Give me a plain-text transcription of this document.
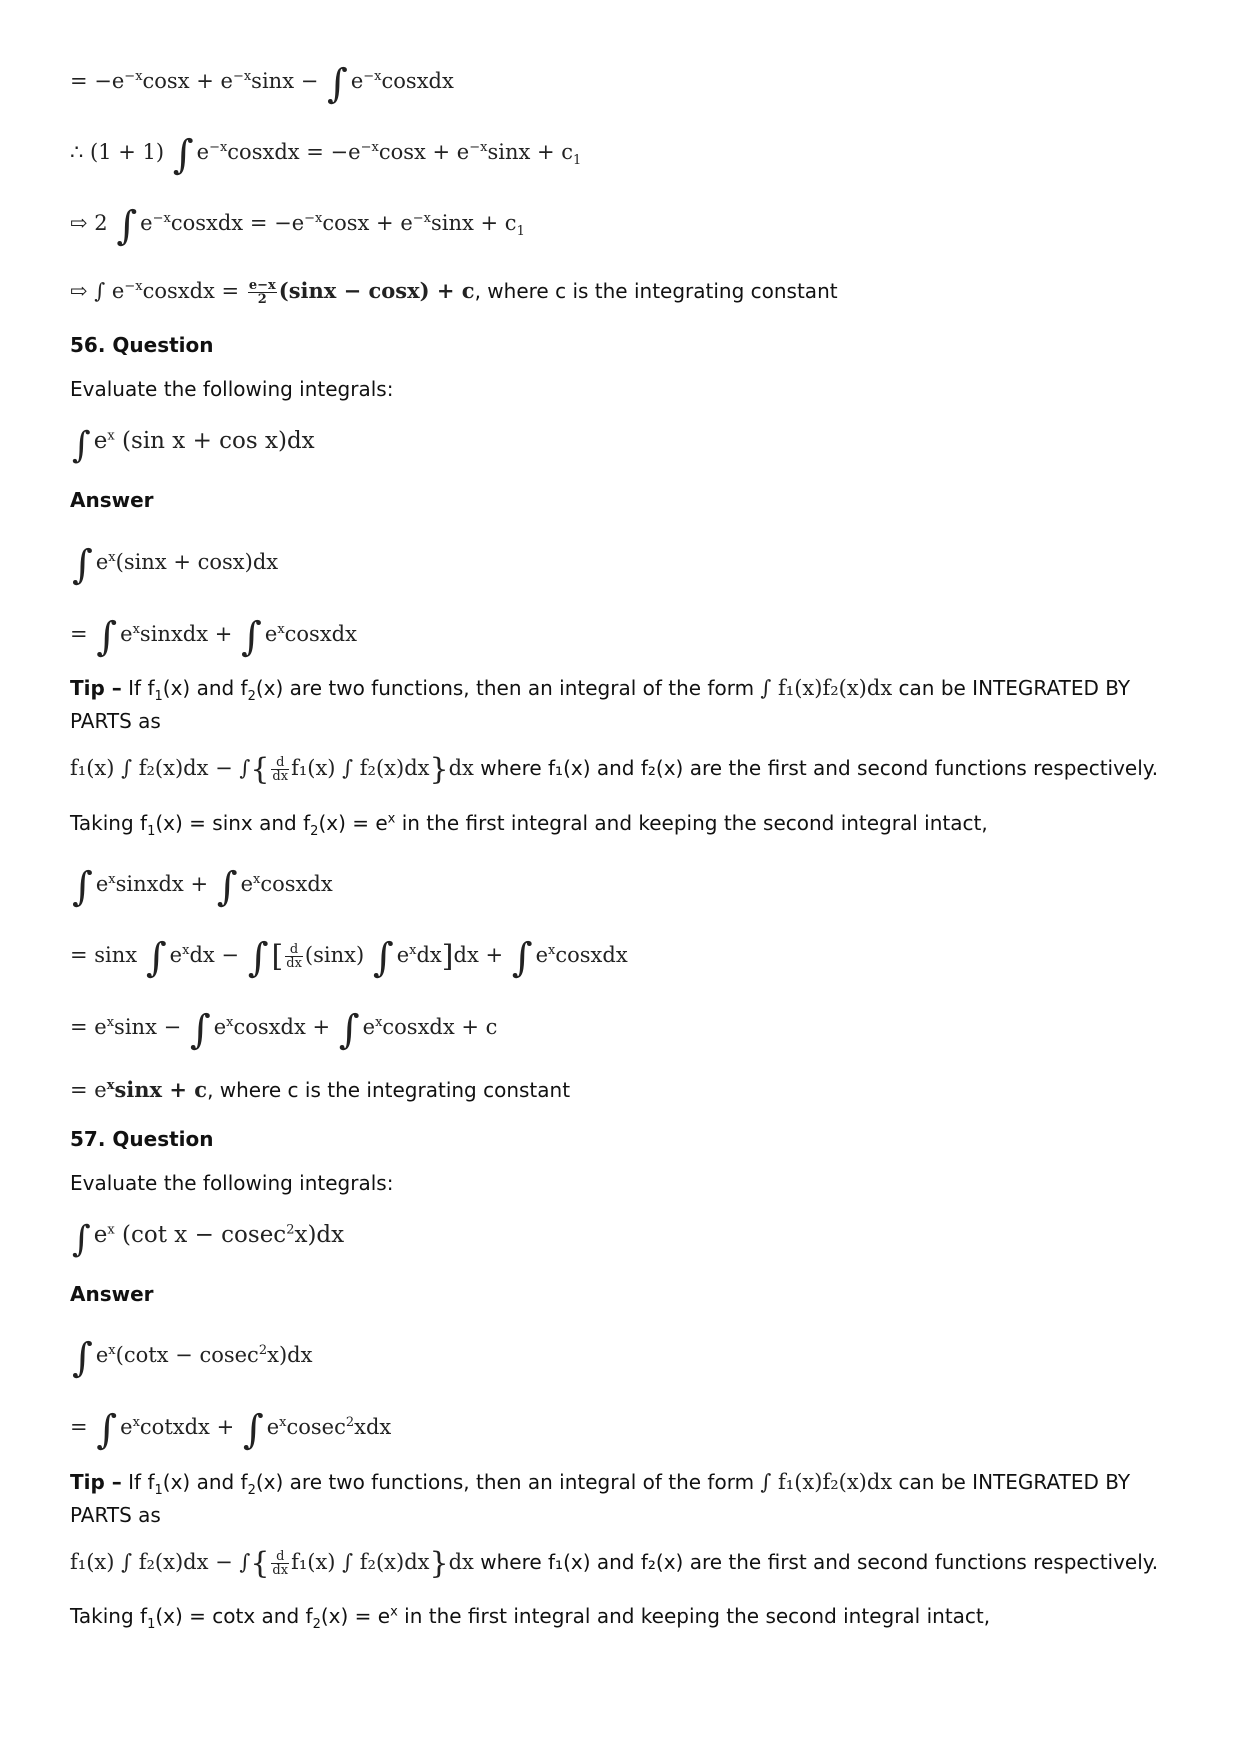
= $-e^{-x}\cos x + e^{-x}\sin x$ − ∫ $e^{-x}cosxdx$
∴ (1 + 1) ∫ $e^{-x}cosxdx = -e^{-x}\cos x + e^{-x}\sin x + c_1$
⇨ 2 ∫ $e^{-x}cosxdx = -e^{-x}\cos x + e^{-x}\sin x + c_1$
⇨ ∫ $e^{-x}cosxdx = \frac{e-x}{2} (\sin x - \cos x) + c$, where c is the integrating constant
56. Question
Evaluate the following integrals:
∫ $e^x$ (sin x + cos x)dx
Answer
∫ $e^x(\sin x + \cos x)dx$
= ∫ $e^xsinxdx$ + ∫ $e^xcosxdx$
Tip – If $f_1(x)$ and $f_2(x)$ are two functions, then an integral of the form ∫ f₁(x)f₂(x)dx can be INTEGRATED BY PARTS as
f₁(x) ∫ f₂(x)dx − ∫{ $\frac{d}{dx} f_1(x)$ ∫ f₂(x)dx}dx where f₁(x) and f₂(x) are the first and second functions respectively.
Taking $f_1(x) = \sin x$ and $f_2(x) = e^x$ in the first integral and keeping the second integral intact,
∫ $e^xsinxdx$ + ∫ $e^xcosxdx$
= sinx ∫ $e^xdx$ − ∫ [ $\frac{d}{dx} (\sin x)$ ∫ $e^xdx]dx$ + ∫ $e^xcosxdx$
= $e^x\sin x$ − ∫ $e^xcosxdx$ + ∫ $e^xcosxdx + c$
= $e^x\sin x + c$, where c is the integrating constant
57. Question
Evaluate the following integrals:
∫ $e^x$ (cot x − cosec$^2$x)dx
Answer
∫ $e^x(\cot x - cosec^2x)dx$
= ∫ $e^xcotxdx$ + ∫ $e^xcosec^2xdx$
Tip – If $f_1(x)$ and $f_2(x)$ are two functions, then an integral of the form ∫ f₁(x)f₂(x)dx can be INTEGRATED BY PARTS as
f₁(x) ∫ f₂(x)dx − ∫{ $\frac{d}{dx} f_1(x)$ ∫ f₂(x)dx}dx where f₁(x) and f₂(x) are the first and second functions respectively.
Taking $f_1(x) = \cot x$ and $f_2(x) = e^x$ in the first integral and keeping the second integral intact,
